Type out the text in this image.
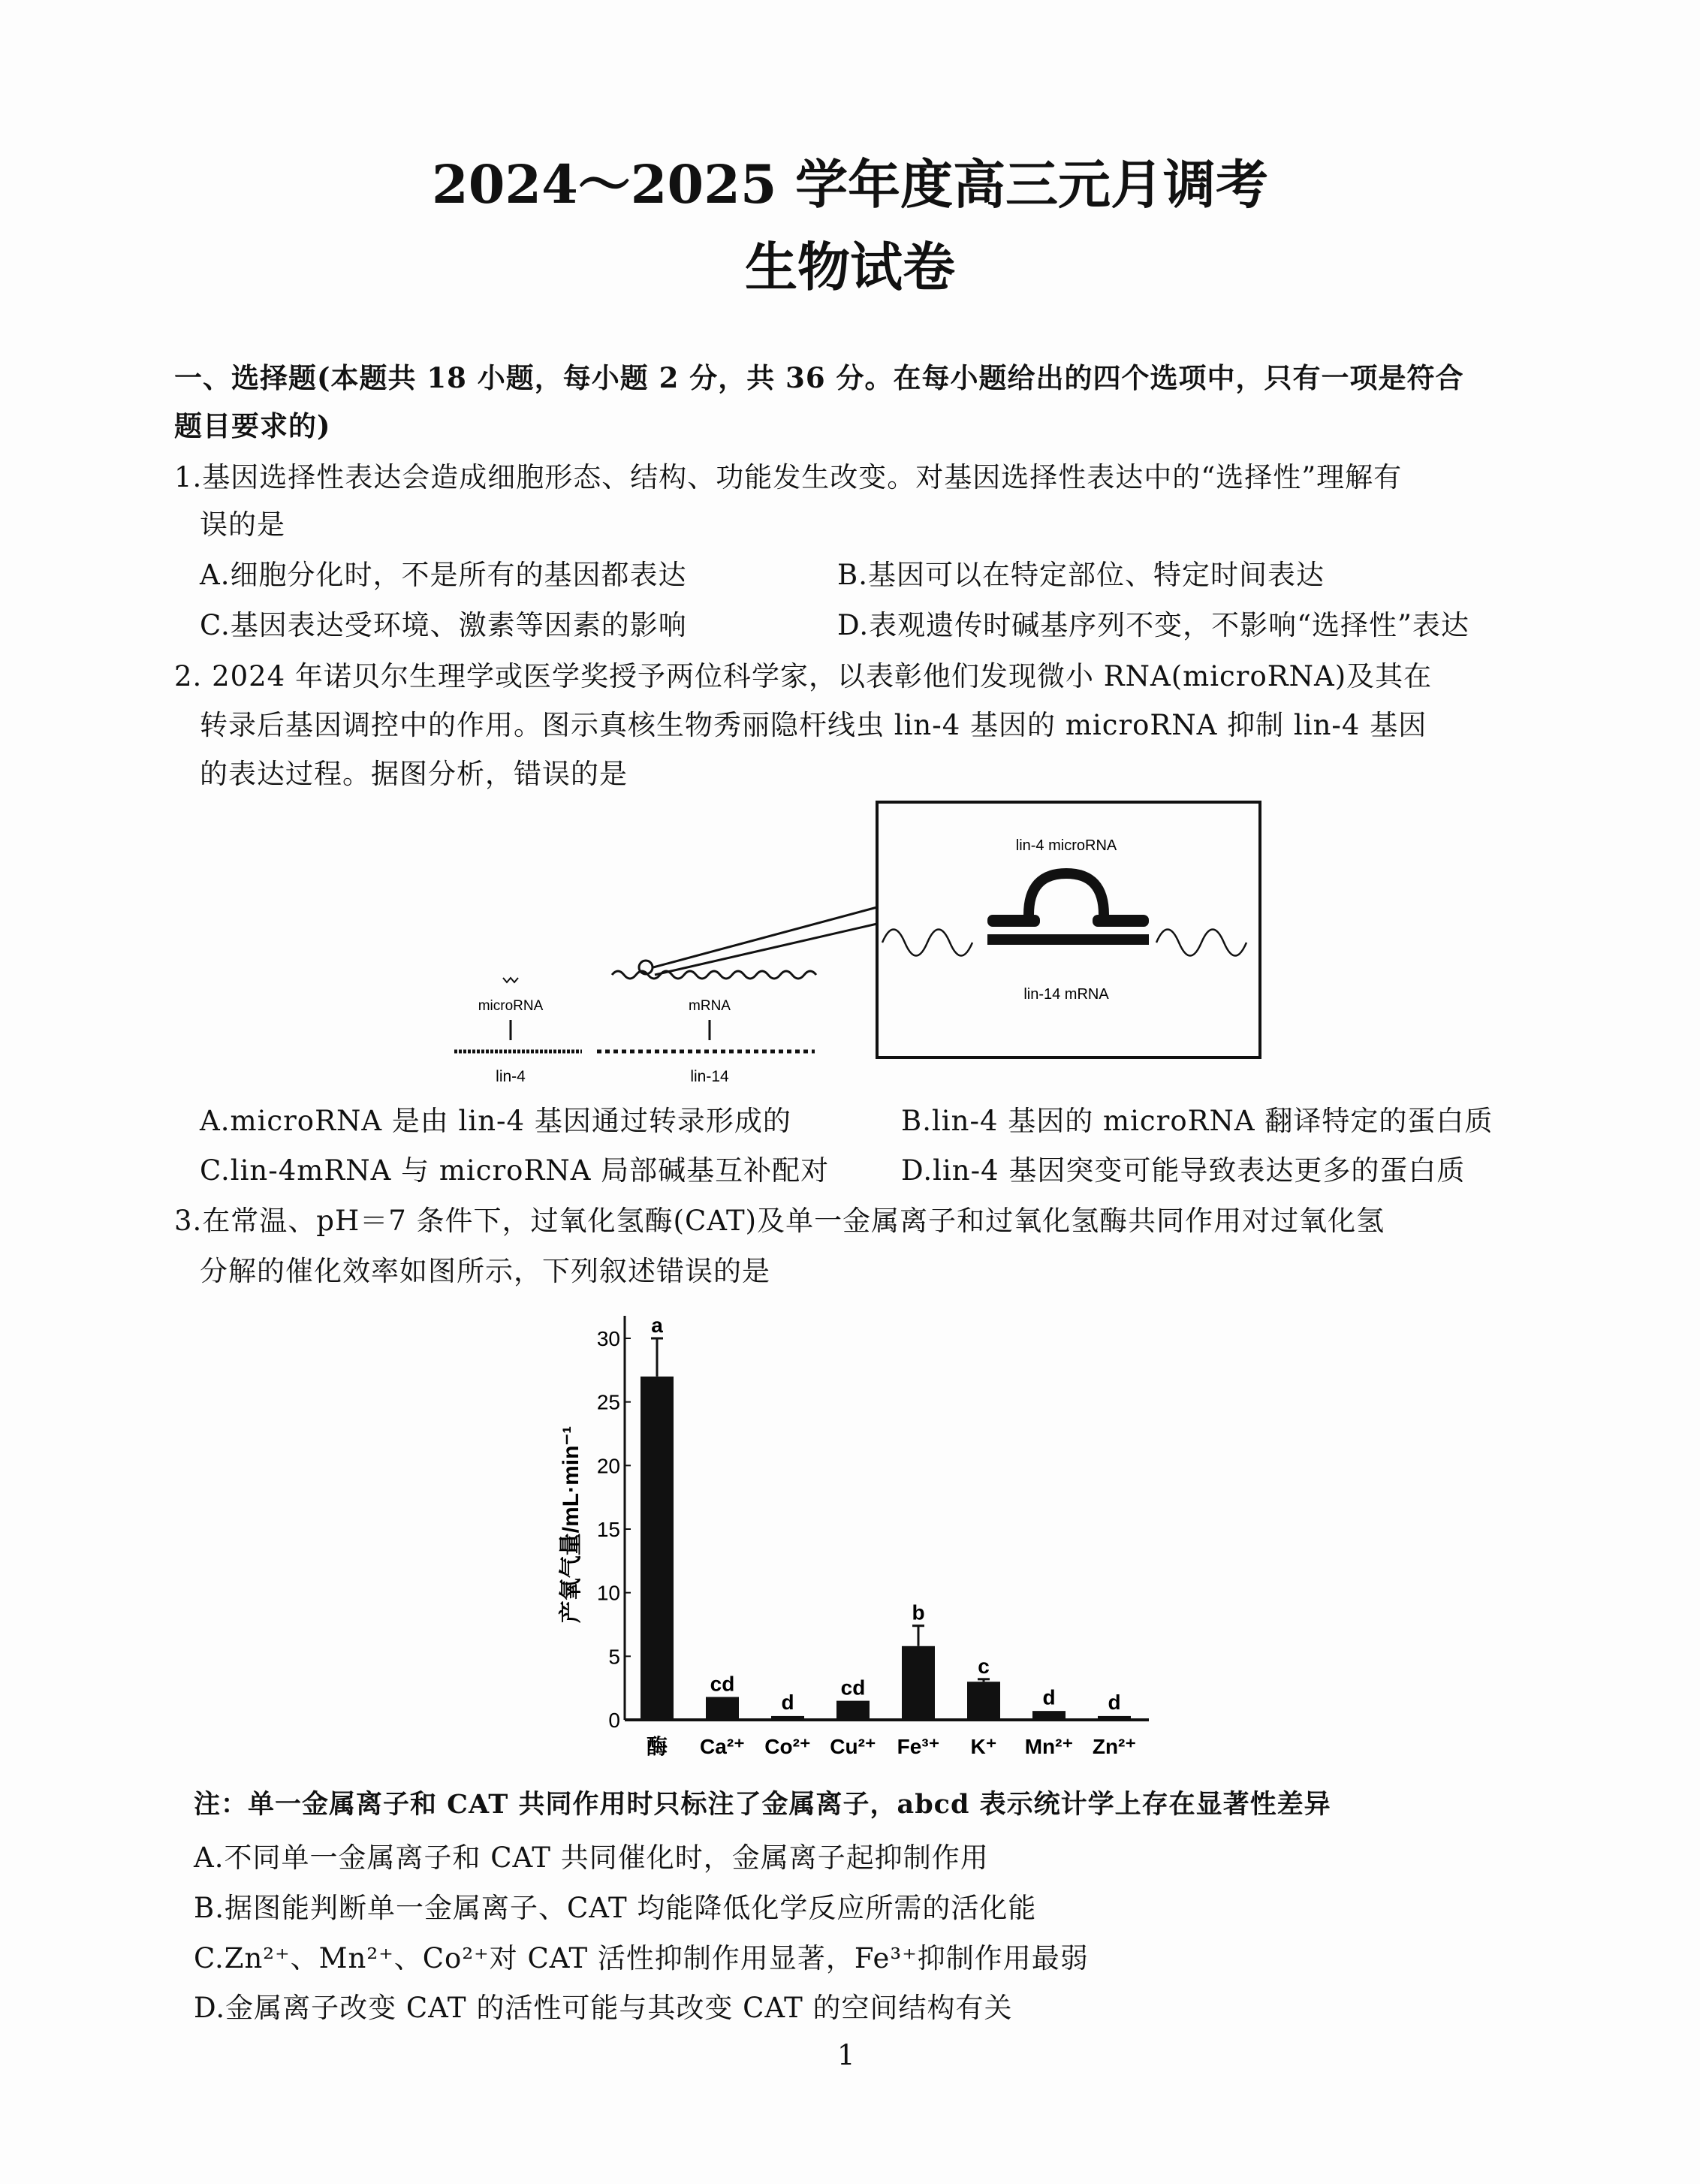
2024～2025 学年度高三元月调考
生物试卷
一、选择题(本题共 18 小题，每小题 2 分，共 36 分。在每小题给出的四个选项中，只有一项是符合
题目要求的)
1.基因选择性表达会造成细胞形态、结构、功能发生改变。对基因选择性表达中的“选择性”理解有
误的是
A.细胞分化时，不是所有的基因都表达	B.基因可以在特定部位、特定时间表达
C.基因表达受环境、激素等因素的影响	D.表观遗传时碱基序列不变，不影响“选择性”表达
2. 2024 年诺贝尔生理学或医学奖授予两位科学家，以表彰他们发现微小 RNA(microRNA)及其在
转录后基因调控中的作用。图示真核生物秀丽隐杆线虫 lin-4 基因的 microRNA 抑制 lin-4 基因
的表达过程。据图分析，错误的是
microRNA	mRNA
lin-4	lin-14
lin-4 microRNA
lin-14 mRNA
A.microRNA 是由 lin-4 基因通过转录形成的	B.lin-4 基因的 microRNA 翻译特定的蛋白质
C.lin-4mRNA 与 microRNA 局部碱基互补配对	D.lin-4 基因突变可能导致表达更多的蛋白质
3.在常温、pH＝7 条件下，过氧化氢酶(CAT)及单一金属离子和过氧化氢酶共同作用对过氧化氢
分解的催化效率如图所示，下列叙述错误的是
产氧气量/mL·min⁻¹
0
5
10
15
20
25
30
a
酶
cd
Ca²⁺
d
Co²⁺
cd
Cu²⁺
b
Fe³⁺
c
K⁺
d
Mn²⁺
d
Zn²⁺
注：单一金属离子和 CAT 共同作用时只标注了金属离子，abcd 表示统计学上存在显著性差异
A.不同单一金属离子和 CAT 共同催化时，金属离子起抑制作用
B.据图能判断单一金属离子、CAT 均能降低化学反应所需的活化能
C.Zn²⁺、Mn²⁺、Co²⁺对 CAT 活性抑制作用显著，Fe³⁺抑制作用最弱
D.金属离子改变 CAT 的活性可能与其改变 CAT 的空间结构有关
1
